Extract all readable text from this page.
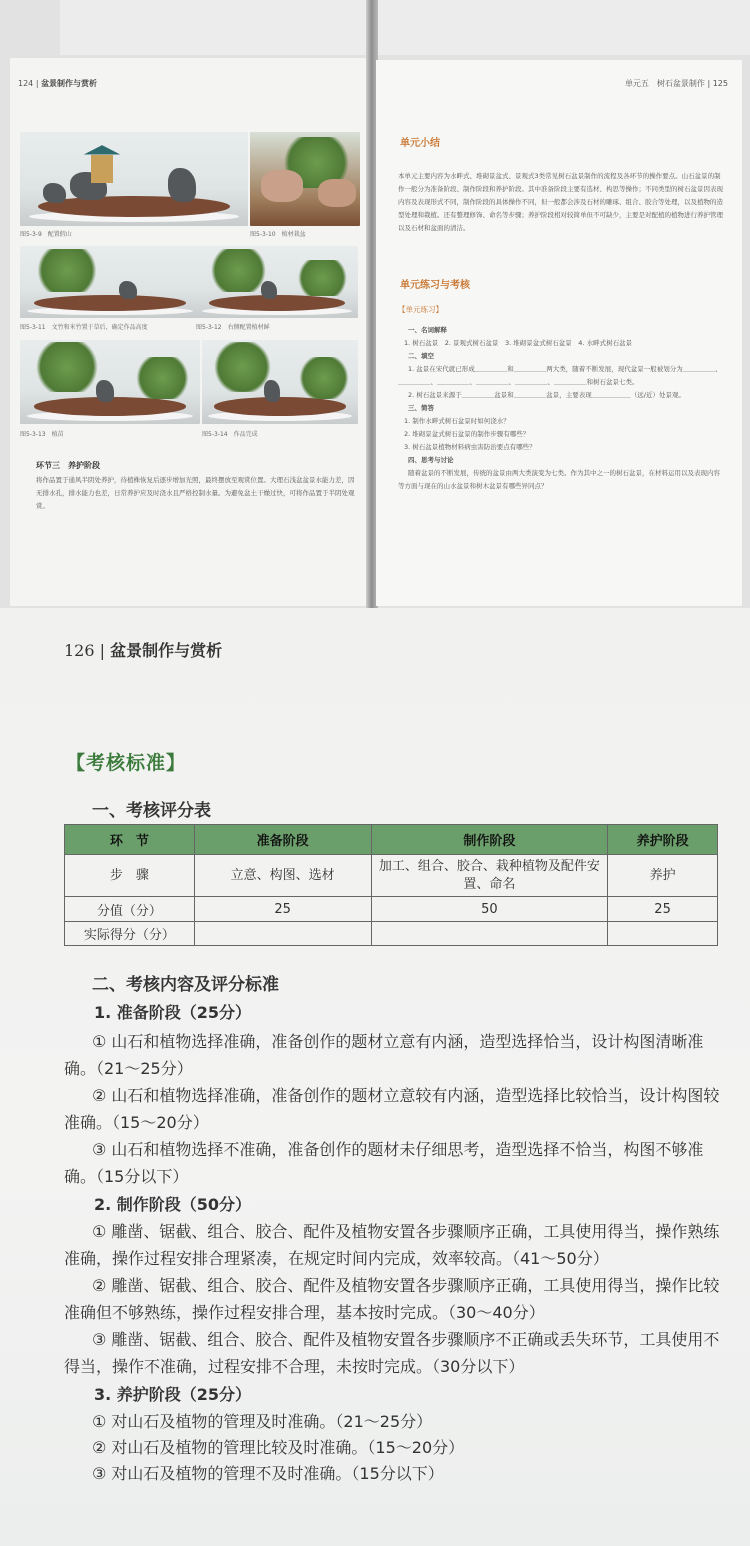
124 | 盆景制作与赏析
图5-3-9　配置假山	图5-3-10　植材栽盆
图5-3-11　文竹和米竹置于草后，确定作品高度	图5-3-12　右侧配置植材鲜
图5-3-13　植苗	图5-3-14　作品完成
环节三　养护阶段
将作品置于通风半阴处养护，待植株恢复后逐步增加光照，最终摆放至观赏位置。大理石浅盆盆景水能力差，因无排水孔，排水能力也差，日常养护应及时浇水且严格控制水量。为避免盆土干燥过快，可将作品置于半阴处观赏。
单元五　树石盆景制作 | 125
单元小结
本单元主要内容为水畔式、堆砌景盆式、景观式3类常见树石盆景制作的流程及各环节的操作要点。山石盆景的制作一般分为准备阶段、制作阶段和养护阶段。其中准备阶段主要有选材、构思等操作；不同类型的树石盆景因表现内容及表现形式不同，制作阶段的具体操作不同，但一般都会涉及石材的雕琢、组合、胶合等处理，以及植物的造型处理和栽植。还有整理修饰、命名等步骤；养护阶段相对较简单但不可缺少，主要是对配植的植物进行养护管理以及石材和盆面的清洁。
单元练习与考核
【单元练习】
一、名词解释
1. 树石盆景　2. 景观式树石盆景　3. 堆砌景盆式树石盆景　4. 水畔式树石盆景
二、填空
1. 盆景在宋代就已形成＿＿＿＿＿和＿＿＿＿＿两大类，随着不断发展，现代盆景一般被划分为＿＿＿＿＿、＿＿＿＿＿、＿＿＿＿＿、＿＿＿＿＿、＿＿＿＿＿、＿＿＿＿＿和树石盆景七类。
2. 树石盆景来源于＿＿＿＿＿盆景和＿＿＿＿＿盆景，主要表现＿＿＿＿＿＿（远/近）处景观。
三、简答
1. 制作水畔式树石盆景时如何浇水？
2. 堆砌景盆式树石盆景的制作步骤有哪些？
3. 树石盆景植物材料病虫害防治要点有哪些？
四、思考与讨论
随着盆景的不断发展，传统的盆景由两大类演变为七类。作为其中之一的树石盆景，在材料运用以及表现内容等方面与现在的山水盆景和树木盆景有哪些异同点？
126 | 盆景制作与赏析
【考核标准】
一、考核评分表
环　节	准备阶段	制作阶段	养护阶段
步　骤	立意、构图、选材	加工、组合、胶合、栽种植物及配件安置、命名	养护
分值（分）	25	50	25
实际得分（分）			
二、考核内容及评分标准
1. 准备阶段（25分）
① 山石和植物选择准确，准备创作的题材立意有内涵，造型选择恰当，设计构图清晰准确。（21～25分）
② 山石和植物选择准确，准备创作的题材立意较有内涵，造型选择比较恰当，设计构图较准确。（15～20分）
③ 山石和植物选择不准确，准备创作的题材未仔细思考，造型选择不恰当，构图不够准确。（15分以下）
2. 制作阶段（50分）
① 雕凿、锯截、组合、胶合、配件及植物安置各步骤顺序正确，工具使用得当，操作熟练准确，操作过程安排合理紧凑，在规定时间内完成，效率较高。（41～50分）
② 雕凿、锯截、组合、胶合、配件及植物安置各步骤顺序正确，工具使用得当，操作比较准确但不够熟练，操作过程安排合理，基本按时完成。（30～40分）
③ 雕凿、锯截、组合、胶合、配件及植物安置各步骤顺序不正确或丢失环节，工具使用不得当，操作不准确，过程安排不合理，未按时完成。（30分以下）
3. 养护阶段（25分）
① 对山石及植物的管理及时准确。（21～25分）
② 对山石及植物的管理比较及时准确。（15～20分）
③ 对山石及植物的管理不及时准确。（15分以下）
